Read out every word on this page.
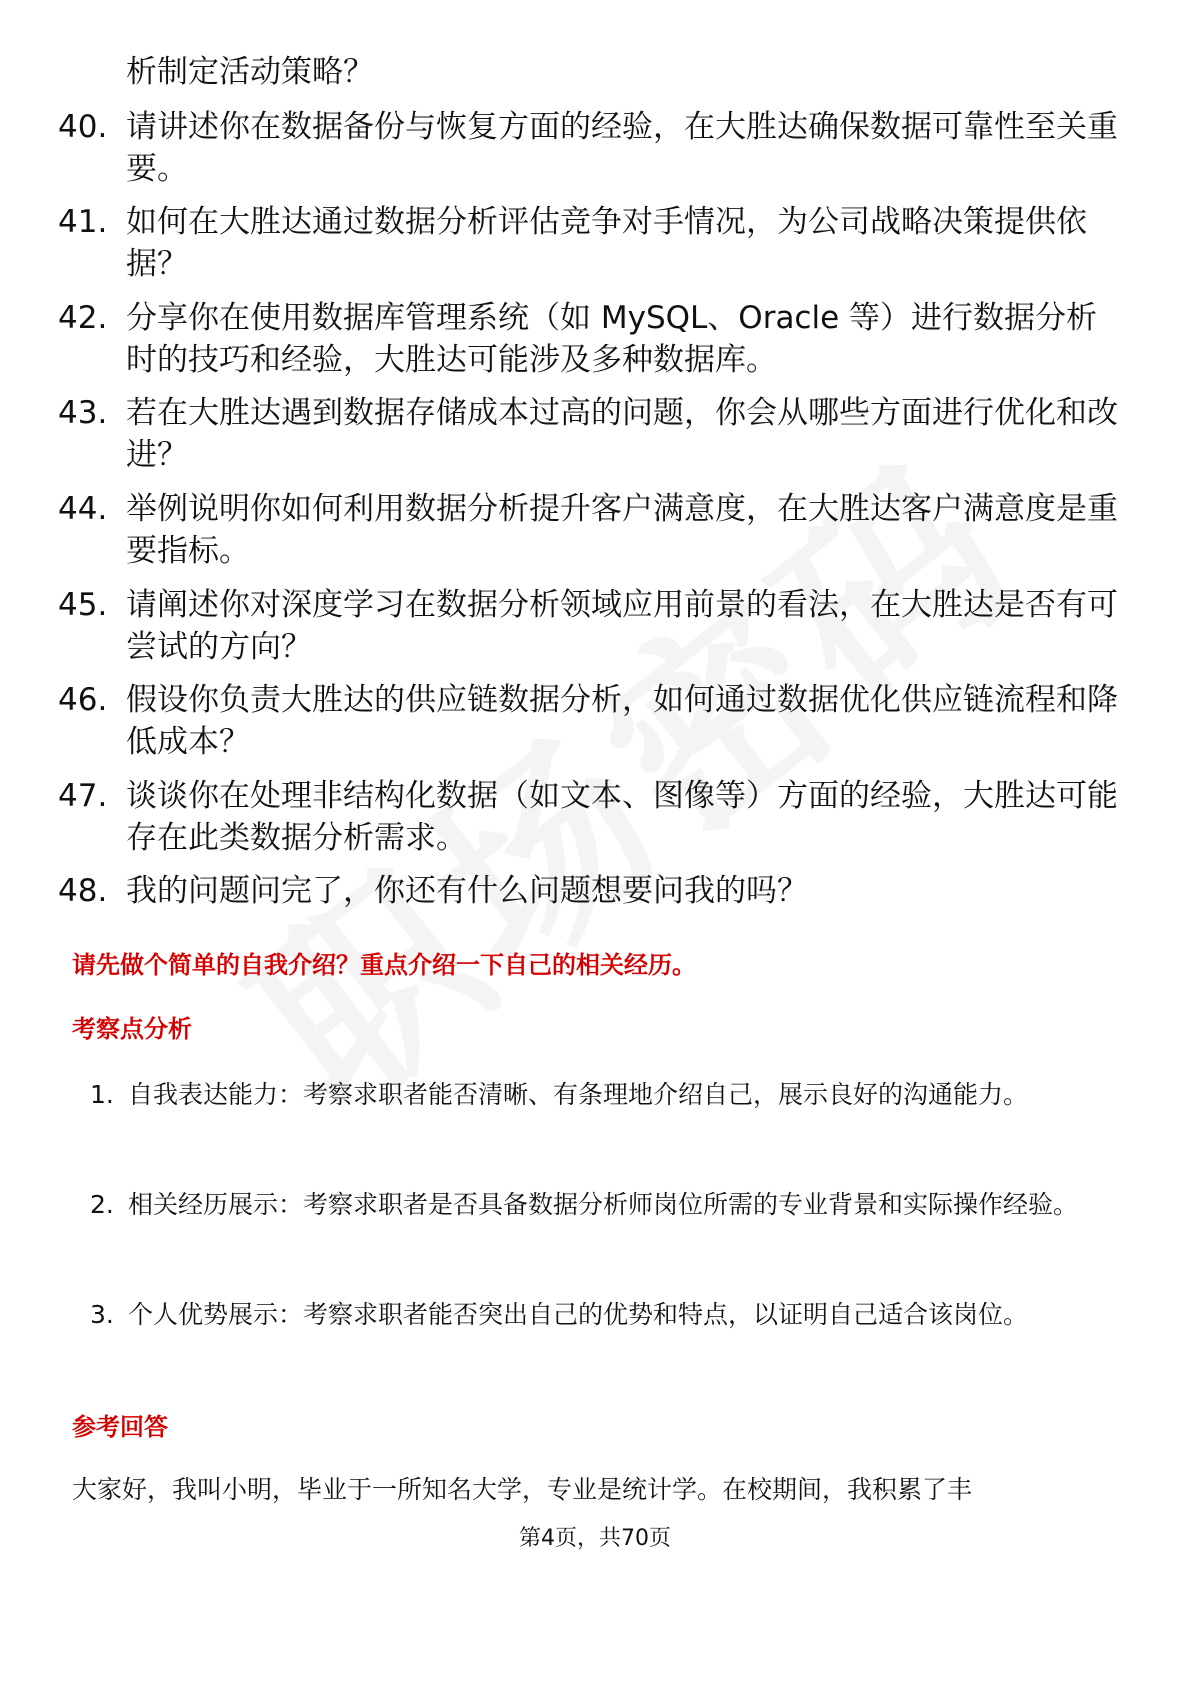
析制定活动策略？
40. 请讲述你在数据备份与恢复方面的经验，在大胜达确保数据可靠性至关重要。
41. 如何在大胜达通过数据分析评估竞争对手情况，为公司战略决策提供依据？
42. 分享你在使用数据库管理系统（如 MySQL、Oracle 等）进行数据分析时的技巧和经验，大胜达可能涉及多种数据库。
43. 若在大胜达遇到数据存储成本过高的问题，你会从哪些方面进行优化和改进？
44. 举例说明你如何利用数据分析提升客户满意度，在大胜达客户满意度是重要指标。
45. 请阐述你对深度学习在数据分析领域应用前景的看法，在大胜达是否有可尝试的方向？
46. 假设你负责大胜达的供应链数据分析，如何通过数据优化供应链流程和降低成本？
47. 谈谈你在处理非结构化数据（如文本、图像等）方面的经验，大胜达可能存在此类数据分析需求。
48. 我的问题问完了，你还有什么问题想要问我的吗？
请先做个简单的自我介绍？重点介绍一下自己的相关经历。
考察点分析
1. 自我表达能力：考察求职者能否清晰、有条理地介绍自己，展示良好的沟通能力。
2. 相关经历展示：考察求职者是否具备数据分析师岗位所需的专业背景和实际操作经验。
3. 个人优势展示：考察求职者能否突出自己的优势和特点，以证明自己适合该岗位。
参考回答
大家好，我叫小明，毕业于一所知名大学，专业是统计学。在校期间，我积累了丰
第4页，共70页
